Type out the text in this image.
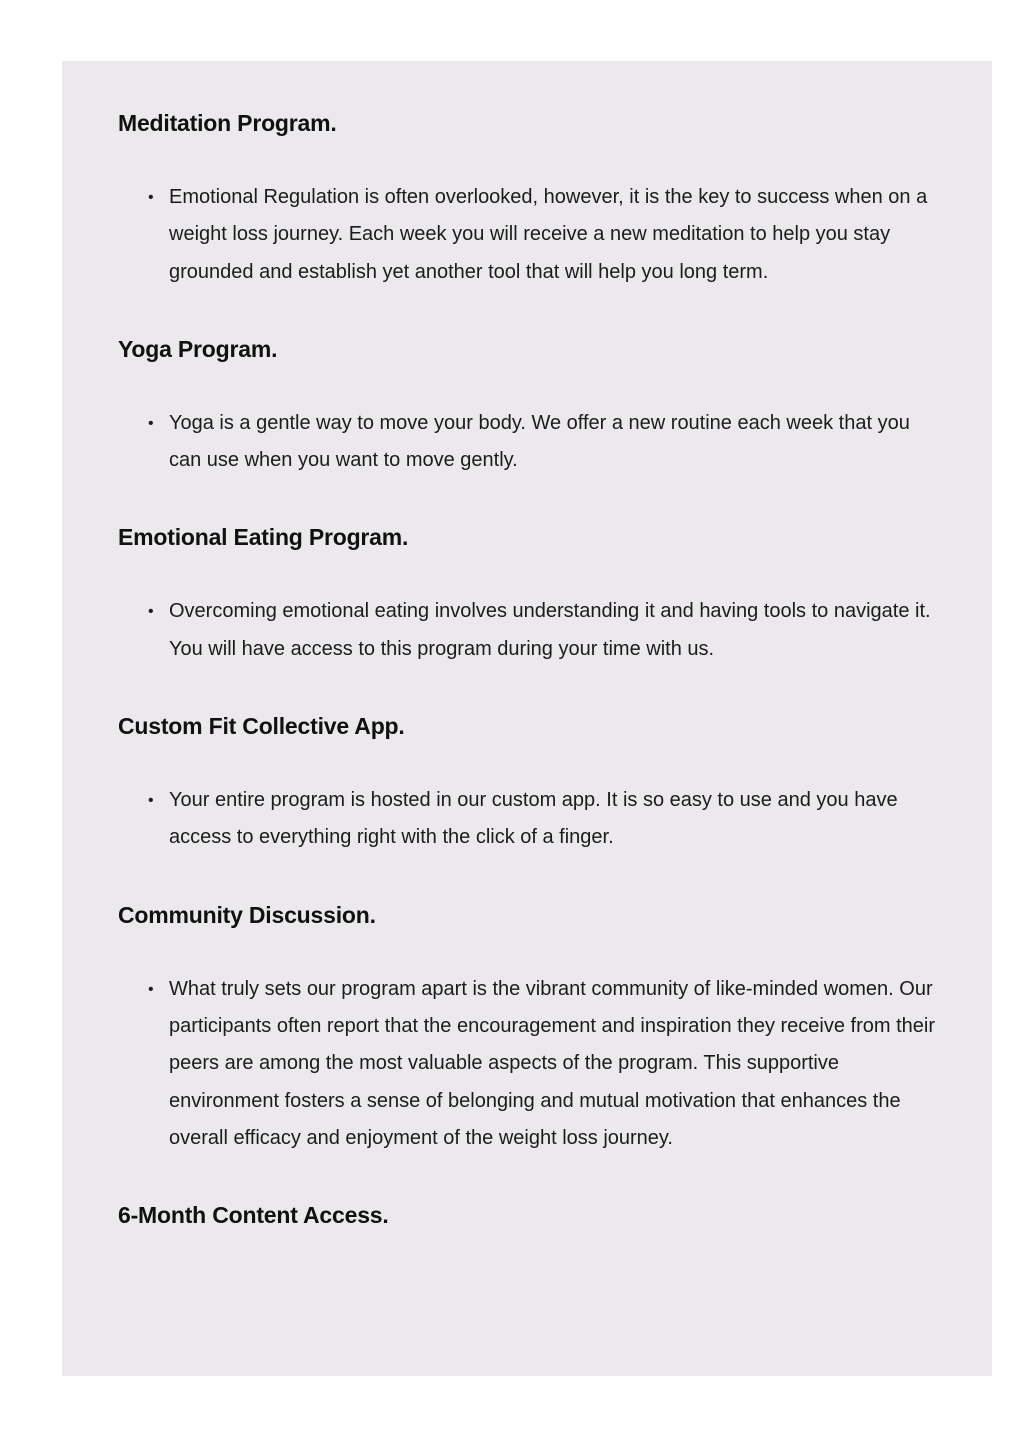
Meditation Program.
• Emotional Regulation is often overlooked, however, it is the key to success when on a weight loss journey. Each week you will receive a new meditation to help you stay grounded and establish yet another tool that will help you long term.
Yoga Program.
• Yoga is a gentle way to move your body. We offer a new routine each week that you can use when you want to move gently.
Emotional Eating Program.
• Overcoming emotional eating involves understanding it and having tools to navigate it. You will have access to this program during your time with us.
Custom Fit Collective App.
• Your entire program is hosted in our custom app. It is so easy to use and you have access to everything right with the click of a finger.
Community Discussion.
• What truly sets our program apart is the vibrant community of like-minded women. Our participants often report that the encouragement and inspiration they receive from their peers are among the most valuable aspects of the program. This supportive environment fosters a sense of belonging and mutual motivation that enhances the overall efficacy and enjoyment of the weight loss journey.
6-Month Content Access.
